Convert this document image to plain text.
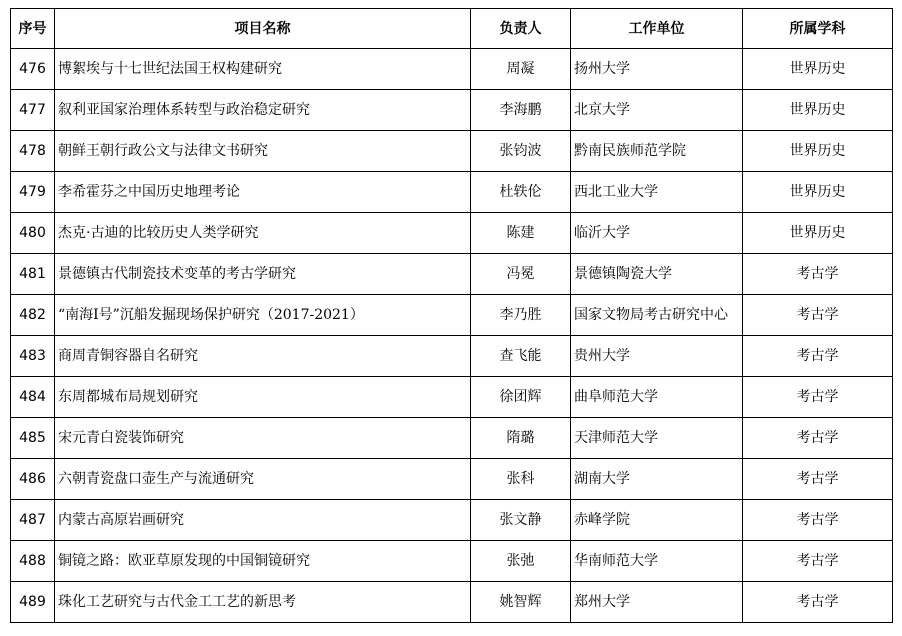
序号	项目名称	负责人	工作单位	所属学科
476	博絮埃与十七世纪法国王权构建研究	周凝	扬州大学	世界历史
477	叙利亚国家治理体系转型与政治稳定研究	李海鹏	北京大学	世界历史
478	朝鲜王朝行政公文与法律文书研究	张钧波	黔南民族师范学院	世界历史
479	李希霍芬之中国历史地理考论	杜轶伦	西北工业大学	世界历史
480	杰克·古迪的比较历史人类学研究	陈建	临沂大学	世界历史
481	景德镇古代制瓷技术变革的考古学研究	冯冕	景德镇陶瓷大学	考古学
482	“南海I号”沉船发掘现场保护研究（2017-2021）	李乃胜	国家文物局考古研究中心	考古学
483	商周青铜容器自名研究	查飞能	贵州大学	考古学
484	东周都城布局规划研究	徐团辉	曲阜师范大学	考古学
485	宋元青白瓷装饰研究	隋璐	天津师范大学	考古学
486	六朝青瓷盘口壶生产与流通研究	张科	湖南大学	考古学
487	内蒙古高原岩画研究	张文静	赤峰学院	考古学
488	铜镜之路：欧亚草原发现的中国铜镜研究	张弛	华南师范大学	考古学
489	珠化工艺研究与古代金工工艺的新思考	姚智辉	郑州大学	考古学
